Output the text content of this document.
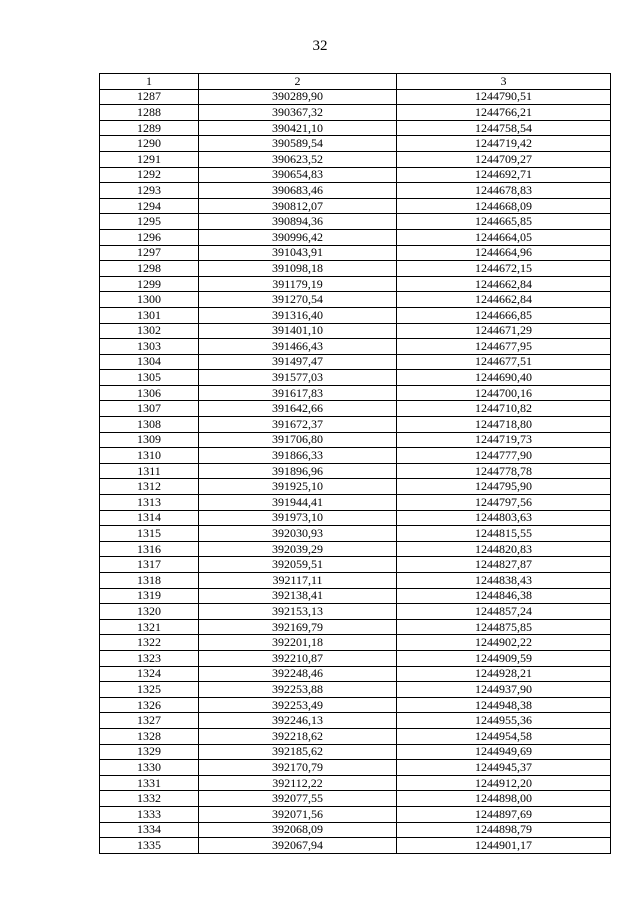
32
1	2	3
1287	390289,90	1244790,51
1288	390367,32	1244766,21
1289	390421,10	1244758,54
1290	390589,54	1244719,42
1291	390623,52	1244709,27
1292	390654,83	1244692,71
1293	390683,46	1244678,83
1294	390812,07	1244668,09
1295	390894,36	1244665,85
1296	390996,42	1244664,05
1297	391043,91	1244664,96
1298	391098,18	1244672,15
1299	391179,19	1244662,84
1300	391270,54	1244662,84
1301	391316,40	1244666,85
1302	391401,10	1244671,29
1303	391466,43	1244677,95
1304	391497,47	1244677,51
1305	391577,03	1244690,40
1306	391617,83	1244700,16
1307	391642,66	1244710,82
1308	391672,37	1244718,80
1309	391706,80	1244719,73
1310	391866,33	1244777,90
1311	391896,96	1244778,78
1312	391925,10	1244795,90
1313	391944,41	1244797,56
1314	391973,10	1244803,63
1315	392030,93	1244815,55
1316	392039,29	1244820,83
1317	392059,51	1244827,87
1318	392117,11	1244838,43
1319	392138,41	1244846,38
1320	392153,13	1244857,24
1321	392169,79	1244875,85
1322	392201,18	1244902,22
1323	392210,87	1244909,59
1324	392248,46	1244928,21
1325	392253,88	1244937,90
1326	392253,49	1244948,38
1327	392246,13	1244955,36
1328	392218,62	1244954,58
1329	392185,62	1244949,69
1330	392170,79	1244945,37
1331	392112,22	1244912,20
1332	392077,55	1244898,00
1333	392071,56	1244897,69
1334	392068,09	1244898,79
1335	392067,94	1244901,17
